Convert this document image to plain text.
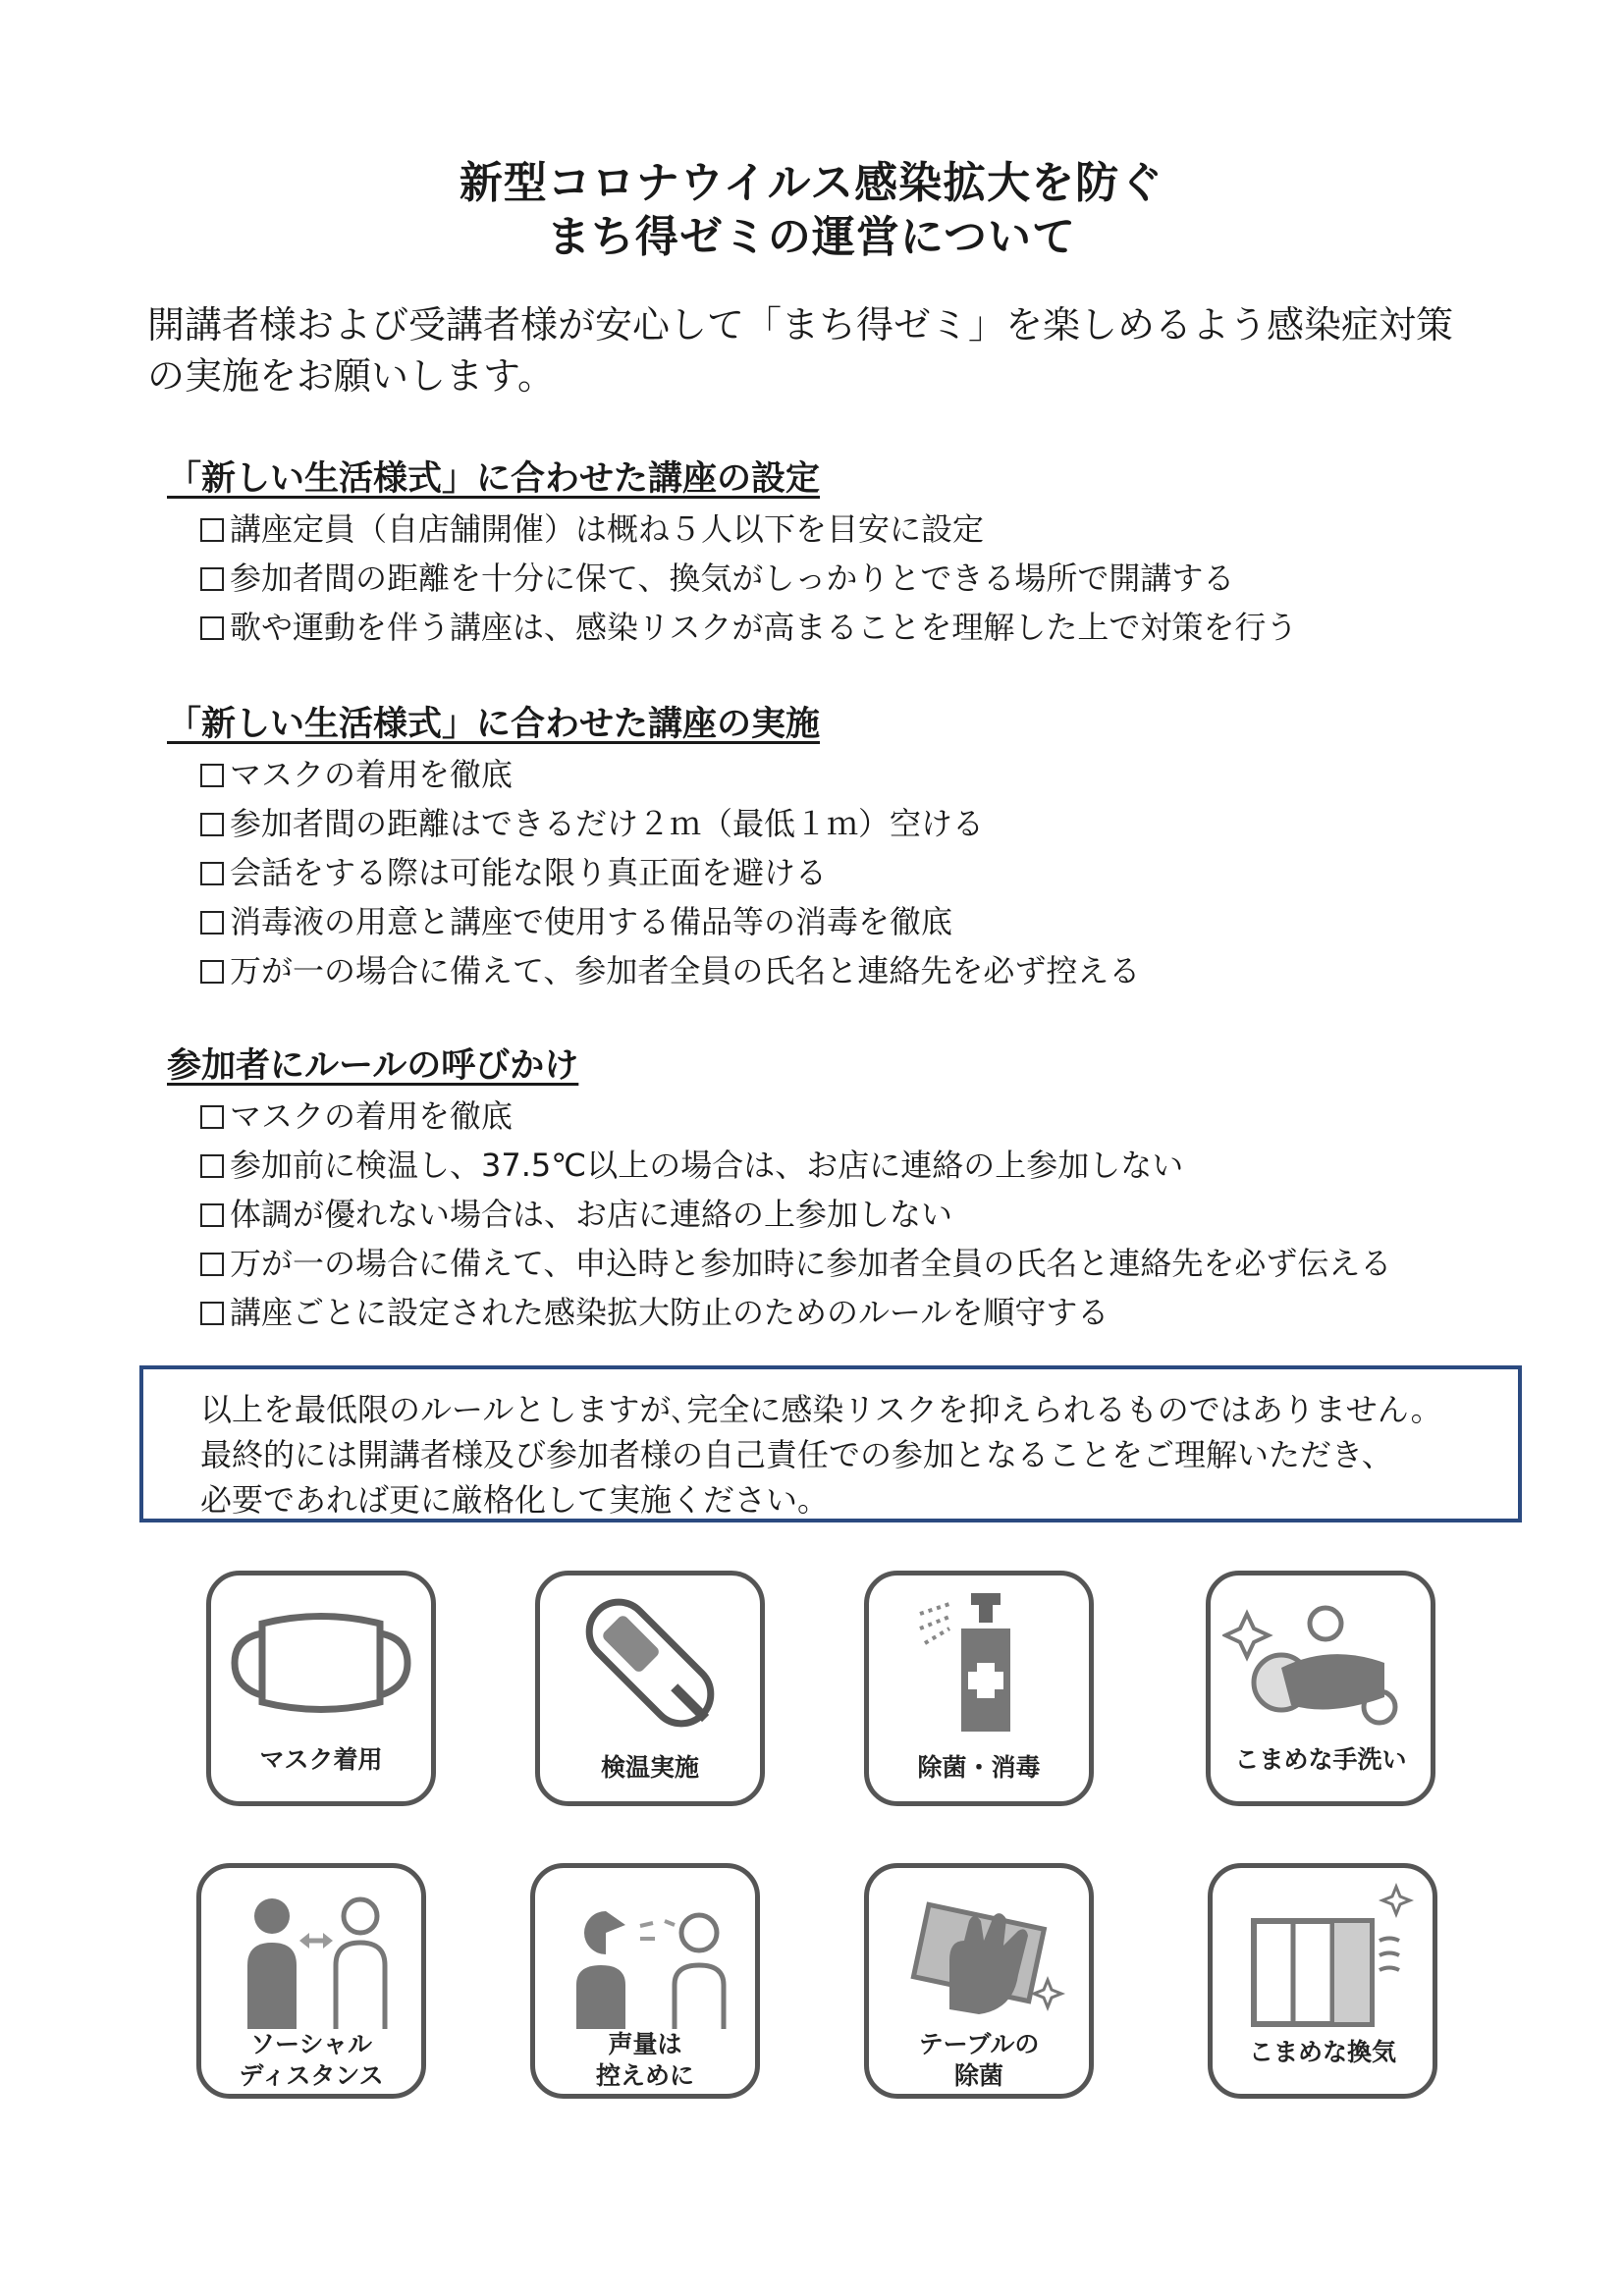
新型コロナウイルス感染拡大を防ぐ
まち得ゼミの運営について
開講者様および受講者様が安心して「まち得ゼミ」を楽しめるよう感染症対策
の実施をお願いします。
「新しい生活様式」に合わせた講座の設定
講座定員（自店舗開催）は概ね５人以下を目安に設定
参加者間の距離を十分に保て、換気がしっかりとできる場所で開講する
歌や運動を伴う講座は、感染リスクが高まることを理解した上で対策を行う
「新しい生活様式」に合わせた講座の実施
マスクの着用を徹底
参加者間の距離はできるだけ２ｍ（最低１ｍ）空ける
会話をする際は可能な限り真正面を避ける
消毒液の用意と講座で使用する備品等の消毒を徹底
万が一の場合に備えて、参加者全員の氏名と連絡先を必ず控える
参加者にルールの呼びかけ
マスクの着用を徹底
参加前に検温し、37.5℃以上の場合は、お店に連絡の上参加しない
体調が優れない場合は、お店に連絡の上参加しない
万が一の場合に備えて、申込時と参加時に参加者全員の氏名と連絡先を必ず伝える
講座ごとに設定された感染拡大防止のためのルールを順守する

以上を最低限のルールとしますが､完全に感染リスクを抑えられるものではありません。

最終的には開講者様及び参加者様の自己責任での参加となることをご理解いただき、

必要であれば更に厳格化して実施ください。

マスク着用	検温実施	除菌・消毒	こまめな手洗い
ソーシャル
ディスタンス
声量は
控えめに
テーブルの
除菌
こまめな換気
